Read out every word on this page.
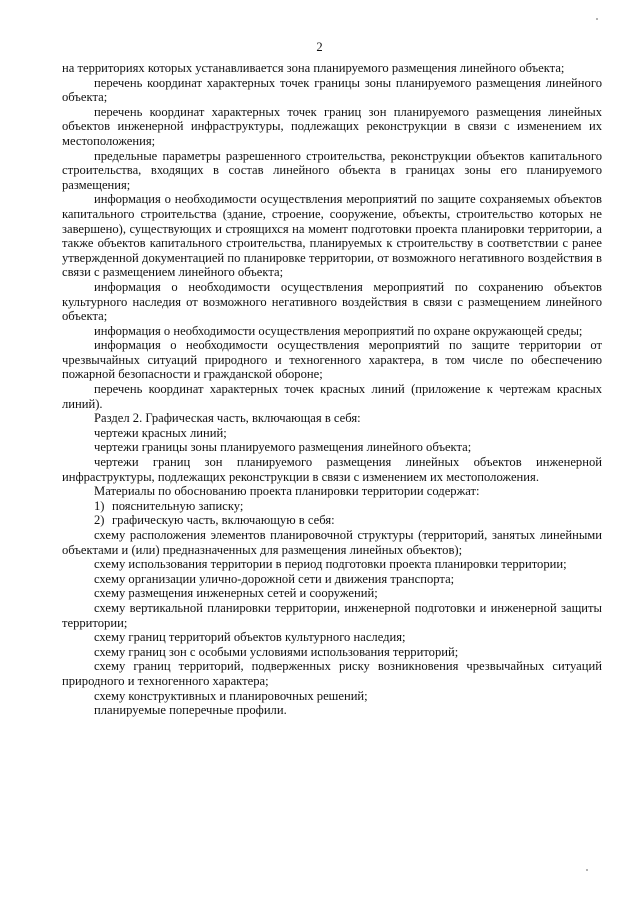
2

на территориях которых устанавливается зона планируемого размещения линейного объекта;

перечень координат характерных точек границы зоны планируемого размещения линейного объекта;

перечень координат характерных точек границ зон планируемого размещения линейных объектов инженерной инфраструктуры, подлежащих реконструкции в связи с изменением их местоположения;

предельные параметры разрешенного строительства, реконструкции объектов капитального строительства, входящих в состав линейного объекта в границах зоны его планируемого размещения;

информация о необходимости осуществления мероприятий по защите сохраняемых объектов капитального строительства (здание, строение, сооружение, объекты, строительство которых не завершено), существующих и строящихся на момент подготовки проекта планировки территории, а также объектов капитального строительства, планируемых к строительству в соответствии с ранее утвержденной документацией по планировке территории, от возможного негативного воздействия в связи с размещением линейного объекта;

информация о необходимости осуществления мероприятий по сохранению объектов культурного наследия от возможного негативного воздействия в связи с размещением линейного объекта;

информация о необходимости осуществления мероприятий по охране окружающей среды;

информация о необходимости осуществления мероприятий по защите территории от чрезвычайных ситуаций природного и техногенного характера, в том числе по обеспечению пожарной безопасности и гражданской обороне;

перечень координат характерных точек красных линий (приложение к чертежам красных линий).

Раздел 2. Графическая часть, включающая в себя:

чертежи красных линий;

чертежи границы зоны планируемого размещения линейного объекта;

чертежи границ зон планируемого размещения линейных объектов инженерной инфраструктуры, подлежащих реконструкции в связи с изменением их местоположения.

Материалы по обоснованию проекта планировки территории содержат:

1) пояснительную записку;

2) графическую часть, включающую в себя:

схему расположения элементов планировочной структуры (территорий, занятых линейными объектами и (или) предназначенных для размещения линейных объектов);

схему использования территории в период подготовки проекта планировки территории;

схему организации улично-дорожной сети и движения транспорта;

схему размещения инженерных сетей и сооружений;

схему вертикальной планировки территории, инженерной подготовки и инженерной защиты территории;

схему границ территорий объектов культурного наследия;

схему границ зон с особыми условиями использования территорий;

схему границ территорий, подверженных риску возникновения чрезвычайных ситуаций природного и техногенного характера;

схему конструктивных и планировочных решений;

планируемые поперечные профили.
